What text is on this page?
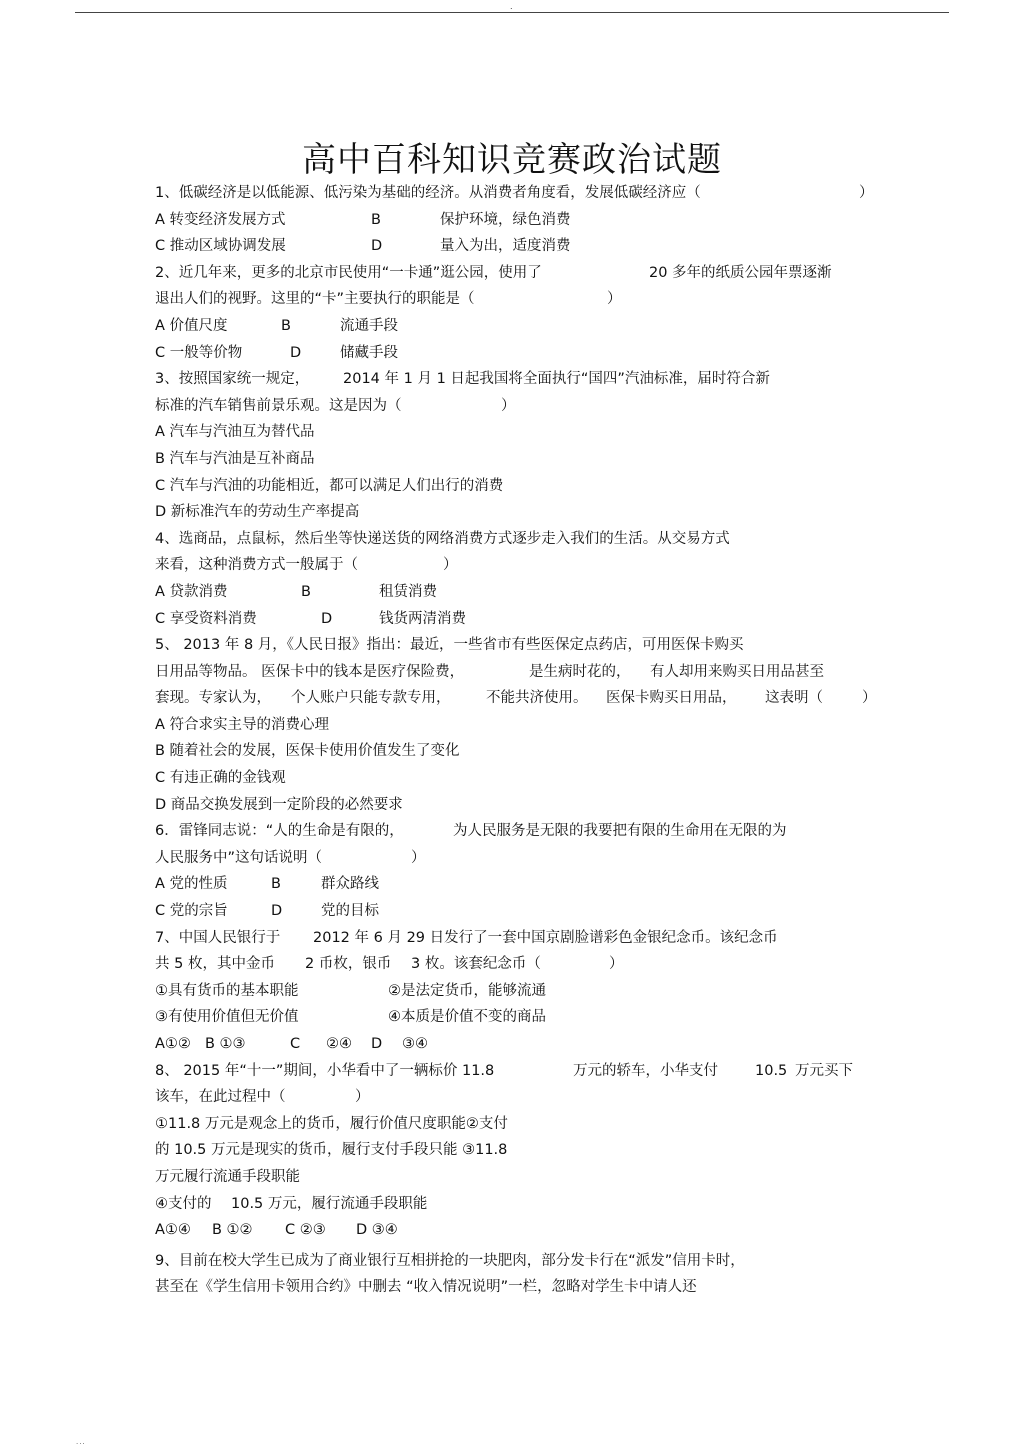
.
高中百科知识竞赛政治试题
1、低碳经济是以低能源、低污染为基础的经济。从消费者角度看，发展低碳经济应（	）
A 转变经济发展方式	B	保护环境，绿色消费
C 推动区域协调发展	D	量入为出，适度消费
2、近几年来，更多的北京市民使用“一卡通”逛公园，使用了	20 多年的纸质公园年票逐渐
退出人们的视野。这里的“卡”主要执行的职能是（	）
A 价值尺度	B	流通手段
C 一般等价物	D	储藏手段
3、按照国家统一规定， 2014 年 1 月 1 日起我国将全面执行“国四”汽油标准，届时符合新
标准的汽车销售前景乐观。这是因为（	）
A 汽车与汽油互为替代品
B 汽车与汽油是互补商品
C 汽车与汽油的功能相近，都可以满足人们出行的消费
D 新标准汽车的劳动生产率提高
4、选商品，点鼠标，然后坐等快递送货的网络消费方式逐步走入我们的生活。从交易方式
来看，这种消费方式一般属于（	）
A 贷款消费	B	租赁消费
C 享受资料消费	D	钱货两清消费
5、 2013 年 8 月，《人民日报》指出：最近，一些省市有些医保定点药店，可用医保卡购买
日用品等物品。 医保卡中的钱本是医疗保险费，	是生病时花的， 有人却用来购买日用品甚至
套现。专家认为， 个人账户只能专款专用， 不能共济使用。 医保卡购买日用品， 这表明（	）
A 符合求实主导的消费心理
B 随着社会的发展，医保卡使用价值发生了变化
C 有违正确的金钱观
D 商品交换发展到一定阶段的必然要求
6．雷锋同志说：“人的生命是有限的，	为人民服务是无限的我要把有限的生命用在无限的为
人民服务中”这句话说明（	）
A 党的性质	B	群众路线
C 党的宗旨	D	党的目标
7、中国人民银行于 2012 年 6 月 29 日发行了一套中国京剧脸谱彩色金银纪念币。该纪念币
共 5 枚，其中金币 2 币枚，银币 3 枚。该套纪念币（	）
①具有货币的基本职能	②是法定货币，能够流通
③有使用价值但无价值	④本质是价值不变的商品
A①② B ①③	C ②④ D ③④
8、 2015 年“十一”期间，小华看中了一辆标价 11.8	万元的轿车，小华支付	10.5 万元买下
该车，在此过程中（	）
①11.8 万元是观念上的货币，履行价值尺度职能②支付
的 10.5 万元是现实的货币，履行支付手段只能 ③11.8
万元履行流通手段职能
④支付的 10.5 万元，履行流通手段职能
A①④ B ①② C ②③ D ③④
9、目前在校大学生已成为了商业银行互相拼抢的一块肥肉，部分发卡行在“派发”信用卡时，
甚至在《学生信用卡领用合约》中删去 “收入情况说明”一栏，忽略对学生卡中请人还
...
